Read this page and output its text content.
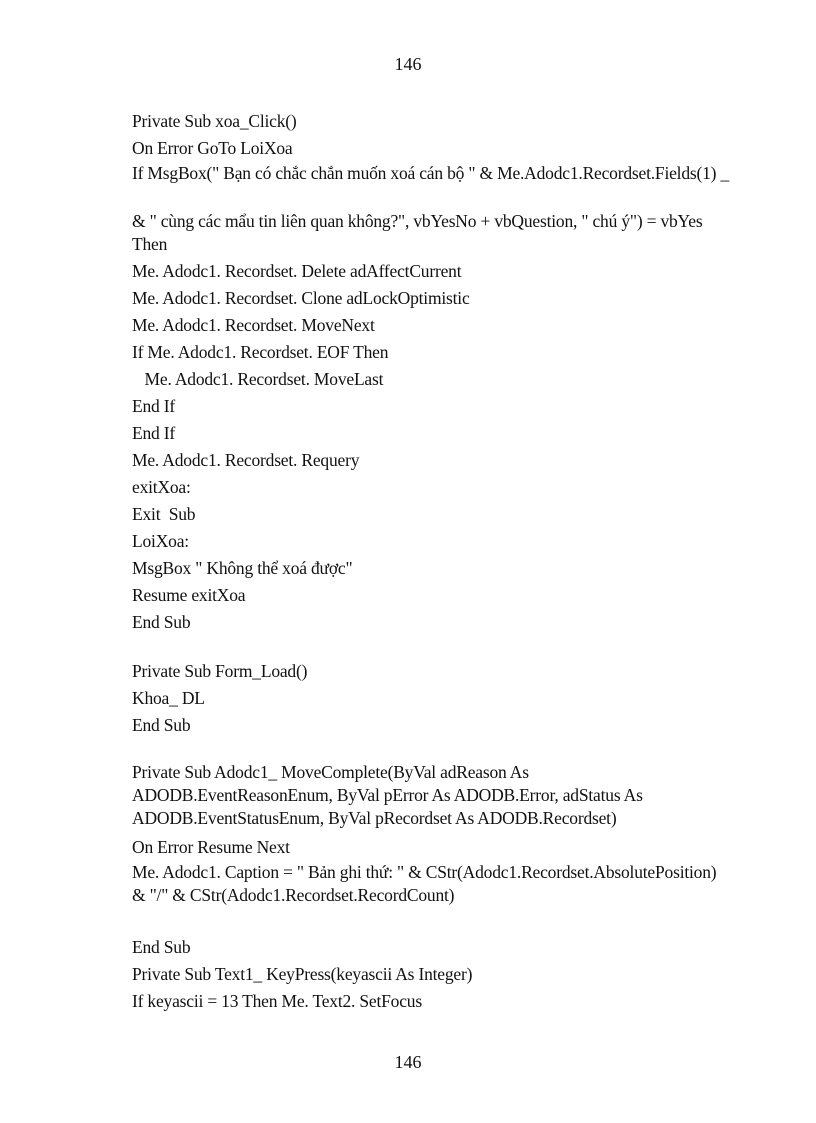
146
Private Sub xoa_Click()
On Error GoTo LoiXoa
If MsgBox(" Bạn có chắc chắn muốn xoá cán bộ " & Me.Adodc1.Recordset.Fields(1) _
& " cùng các mẩu tin liên quan không?", vbYesNo + vbQuestion, " chú ý") = vbYes Then
Me. Adodc1. Recordset. Delete adAffectCurrent
Me. Adodc1. Recordset. Clone adLockOptimistic
Me. Adodc1. Recordset. MoveNext
If Me. Adodc1. Recordset. EOF Then
Me. Adodc1. Recordset. MoveLast
End If
End If
Me. Adodc1. Recordset. Requery
exitXoa:
Exit  Sub
LoiXoa:
MsgBox " Không thể xoá được"
Resume exitXoa
End Sub
Private Sub Form_Load()
Khoa_ DL
End Sub
Private Sub Adodc1_ MoveComplete(ByVal adReason As ADODB.EventReasonEnum, ByVal pError As ADODB.Error, adStatus As ADODB.EventStatusEnum, ByVal pRecordset As ADODB.Recordset)
On Error Resume Next
Me. Adodc1. Caption = " Bản ghi thứ: " & CStr(Adodc1.Recordset.AbsolutePosition) & "/" & CStr(Adodc1.Recordset.RecordCount)
End Sub
Private Sub Text1_ KeyPress(keyascii As Integer)
If keyascii = 13 Then Me. Text2. SetFocus
146
